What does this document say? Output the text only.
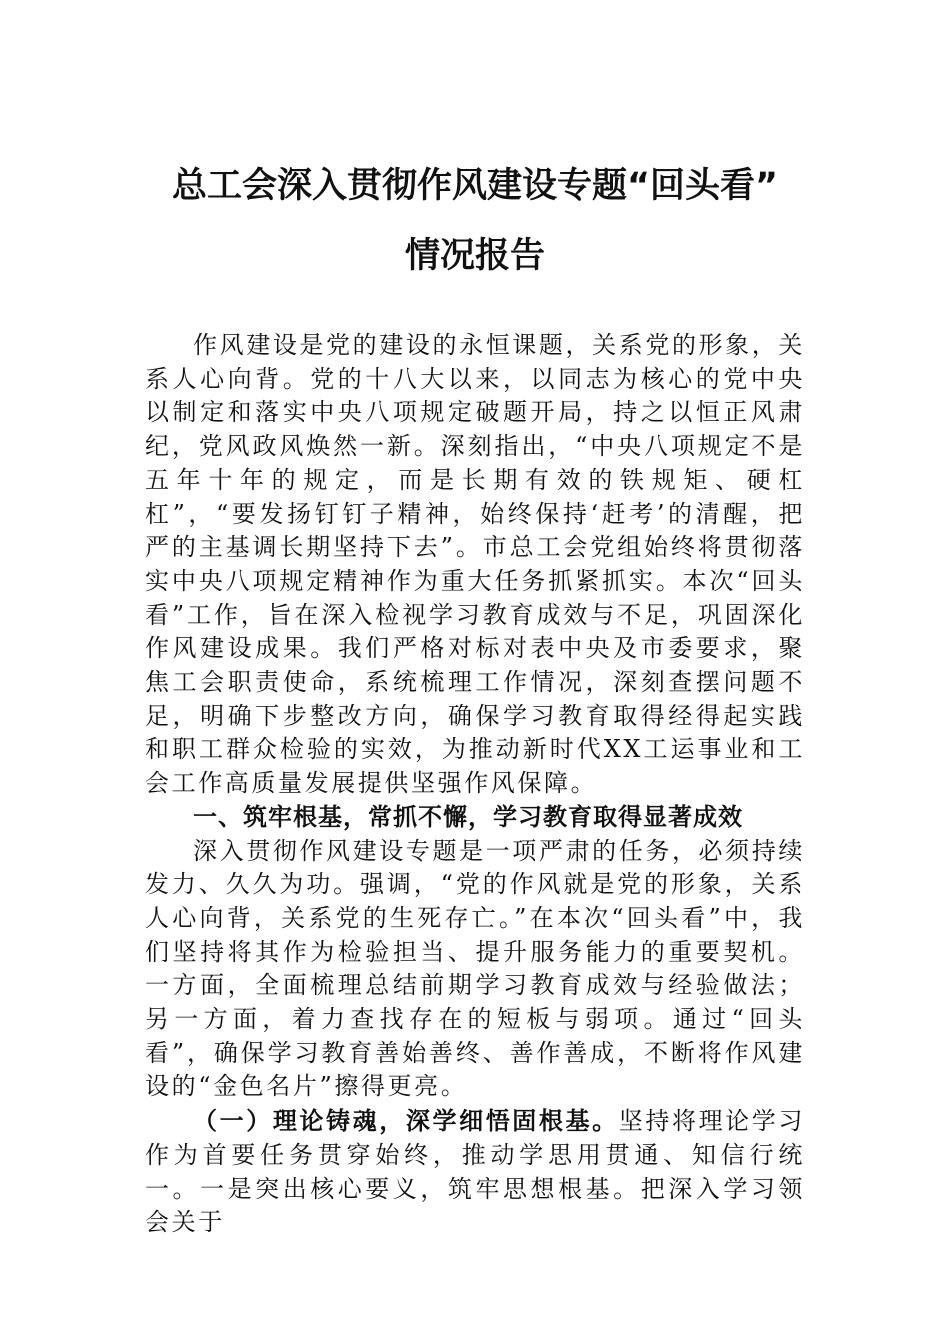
总工会深入贯彻作风建设专题“回头看”
情况报告

作风建设是党的建设的永恒课题，关系党的形象，关系人心向背。党的十八大以来，以同志为核心的党中央以制定和落实中央八项规定破题开局，持之以恒正风肃纪，党风政风焕然一新。深刻指出，“中央八项规定不是五年十年的规定，而是长期有效的铁规矩、硬杠杠”，“要发扬钉钉子精神，始终保持‘赶考’的清醒，把严的主基调长期坚持下去”。市总工会党组始终将贯彻落实中央八项规定精神作为重大任务抓紧抓实。本次“回头看”工作，旨在深入检视学习教育成效与不足，巩固深化作风建设成果。我们严格对标对表中央及市委要求，聚焦工会职责使命，系统梳理工作情况，深刻查摆问题不足，明确下步整改方向，确保学习教育取得经得起实践和职工群众检验的实效，为推动新时代XX工运事业和工会工作高质量发展提供坚强作风保障。

一、筑牢根基，常抓不懈，学习教育取得显著成效

深入贯彻作风建设专题是一项严肃的任务，必须持续发力、久久为功。强调，“党的作风就是党的形象，关系人心向背，关系党的生死存亡。”在本次“回头看”中，我们坚持将其作为检验担当、提升服务能力的重要契机。一方面，全面梳理总结前期学习教育成效与经验做法；另一方面，着力查找存在的短板与弱项。通过“回头看”，确保学习教育善始善终、善作善成，不断将作风建设的“金色名片”擦得更亮。

（一）理论铸魂，深学细悟固根基。坚持将理论学习作为首要任务贯穿始终，推动学思用贯通、知信行统一。一是突出核心要义，筑牢思想根基。把深入学习领会关于
